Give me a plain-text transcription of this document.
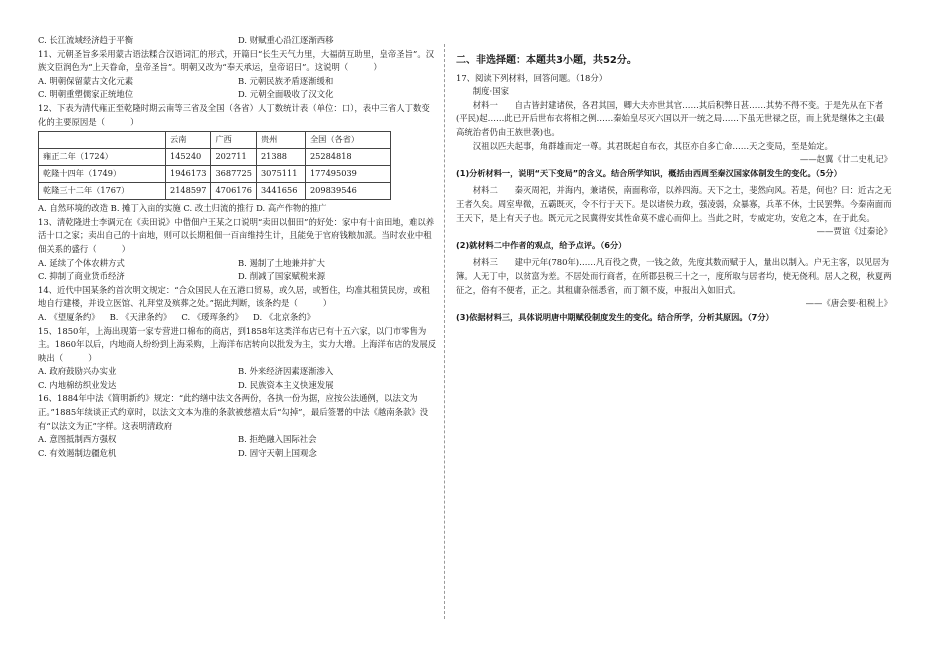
C. 长江流域经济趋于平衡	D. 财赋重心沿江逐渐西移
11、元朝圣旨多采用蒙古语法糅合汉语词汇的形式，开篇曰“长生天气力里，大福荫互助里，皇帝圣旨”。汉族文臣润色为“上天眷命，皇帝圣旨”。明朝又改为“奉天承运，皇帝诏曰”。这说明（　　　）
A. 明朝保留蒙古文化元素	B. 元朝民族矛盾逐渐缓和
C. 明朝重塑儒家正统地位	D. 元朝全面吸收了汉文化
12、下表为清代雍正至乾隆时期云南等三省及全国（各省）人丁数统计表（单位：口），表中三省人丁数变化的主要原因是（　　　）
	云南	广西	贵州	全国（各省）
雍正二年（1724）	145240	202711	21388	25284818
乾隆十四年（1749）	1946173	3687725	3075111	177495039
乾隆三十二年（1767）	2148597	4706176	3441656	209839546
A. 自然环境的改造 B. 摊丁入亩的实施 C. 改土归流的推行 D. 高产作物的推广
13、清乾隆进士李调元在《卖田说》中借佃户王某之口说明“卖田以佃田”的好处：家中有十亩田地，难以养活十口之家；卖出自己的十亩地，则可以长期租佃一百亩维持生计，且能免于官府钱粮加派。当时农业中租佃关系的盛行（　　　）
A. 延续了个体农耕方式	B. 遏制了土地兼并扩大
C. 抑制了商业货币经济	D. 削减了国家赋税来源
14、近代中国某条约首次明文规定：“合众国民人在五港口贸易，或久居，或暂住，均准其租赁民房，或租地自行建楼，并设立医馆、礼拜堂及殡葬之处。”据此判断，该条约是（　　　）
A. 《望厦条约》 B. 《天津条约》 C. 《瑷珲条约》 D. 《北京条约》
15、1850年，上海出现第一家专营进口棉布的商店，到1858年这类洋布店已有十五六家，以门市零售为主。1860年以后，内地商人纷纷到上海采购，上海洋布店转向以批发为主，实力大增。上海洋布店的发展反映出（　　　）
A. 政府鼓励兴办实业	B. 外来经济因素逐渐渗入
C. 内地棉纺织业发达	D. 民族资本主义快速发展
16、1884年中法《简明新约》规定：“此约缮中法文各两份，各执一份为据，应按公法通例，以法文为正。”1885年续谈正式约章时，以法文文本为准的条款被慈禧太后“勾掉”，最后签署的中法《越南条款》没有“以法文为正”字样。这表明清政府
A. 意图抵制西方强权	B. 拒绝融入国际社会
C. 有效遏制边疆危机	D. 固守天朝上国观念
二、非选择题：本题共3小题，共52分。
17、阅读下列材料，回答问题。（18分）
制度·国家
材料一　　自古皆封建诸侯，各君其国，卿大夫亦世其官……其后积弊日甚……其势不得不变。于是先从在下者(平民)起……此已开后世布衣将相之例……秦始皇尽灭六国以开一统之局……下虽无世禄之臣，而上犹是继体之主(最高统治者仍由王族世袭)也。
汉祖以匹夫起事，角群雄而定一尊。其君既起自布衣，其臣亦自多亡命……天之变局，至是始定。
——赵翼《廿二史札记》
(1)分析材料一，说明“天下变局”的含义。结合所学知识，概括由西周至秦汉国家体制发生的变化。（5分）
材料二　　秦灭周祀，并海内，兼诸侯，南面称帝，以养四海。天下之士，斐然向风。若是，何也？曰：近古之无王者久矣。周室卑微，五霸既灭，令不行于天下。是以诸侯力政，强凌弱，众暴寡，兵革不休，士民罢弊。今秦南面而王天下，是上有天子也。既元元之民冀得安其性命莫不虚心而仰上。当此之时，专威定功，安危之本，在于此矣。
——贾谊《过秦论》
(2)就材料二中作者的观点，给予点评。（6分）
材料三　　建中元年(780年)……凡百役之费，一钱之敛，先度其数而赋于人，量出以制入。户无主客，以见居为簿。人无丁中，以贫富为差。不居处而行商者，在所郡县税三十之一，度所取与居者均，使无侥利。居人之税，秋夏两征之，俗有不便者，正之。其租庸杂徭悉省，而丁额不废，申报出入如旧式。
——《唐会要·租税上》
(3)依据材料三，具体说明唐中期赋役制度发生的变化。结合所学，分析其原因。（7分）
